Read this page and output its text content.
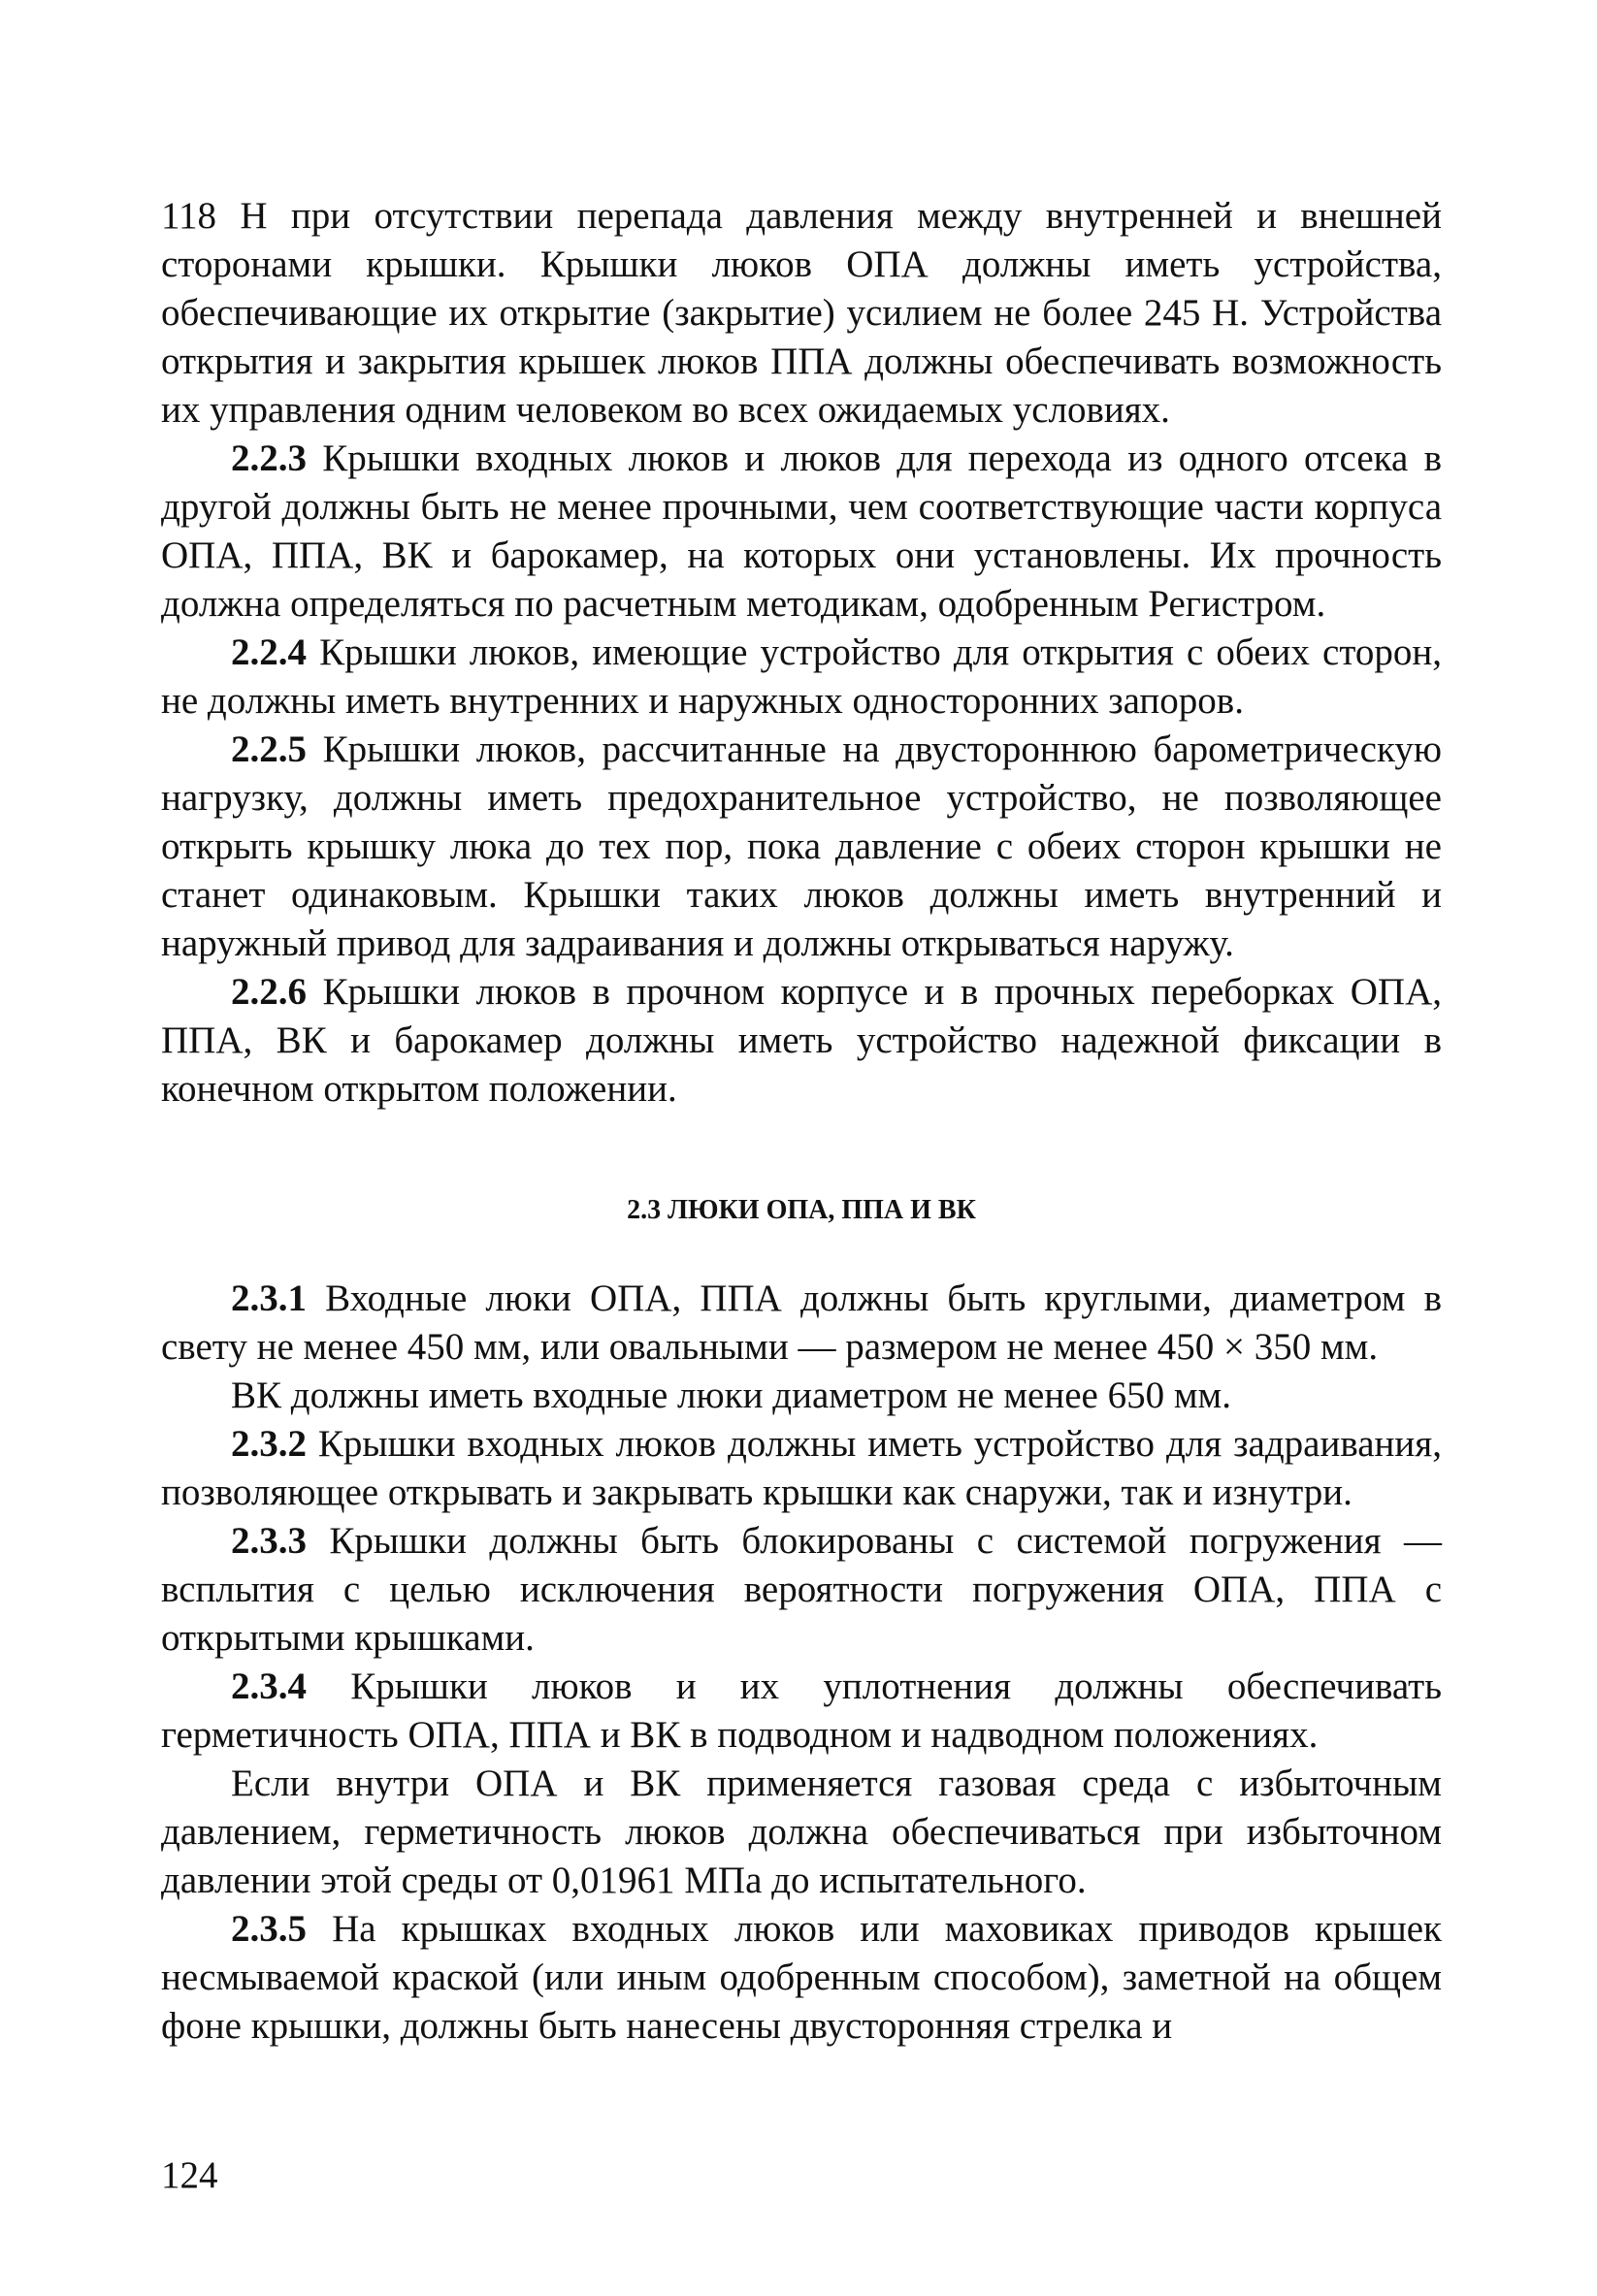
118 Н при отсутствии перепада давления между внутренней и внешней сторонами крышки. Крышки люков ОПА должны иметь устройства, обеспечивающие их открытие (закрытие) усилием не более 245 Н. Устройства открытия и закрытия крышек люков ППА должны обеспечивать возможность их управления одним человеком во всех ожидаемых условиях.

2.2.3 Крышки входных люков и люков для перехода из одного отсека в другой должны быть не менее прочными, чем соответствующие части корпуса ОПА, ППА, ВК и барокамер, на которых они установлены. Их прочность должна определяться по расчетным методикам, одобренным Регистром.

2.2.4 Крышки люков, имеющие устройство для открытия с обеих сторон, не должны иметь внутренних и наружных односторонних запоров.

2.2.5 Крышки люков, рассчитанные на двустороннюю барометрическую нагрузку, должны иметь предохранительное устройство, не позволяющее открыть крышку люка до тех пор, пока давление с обеих сторон крышки не станет одинаковым. Крышки таких люков должны иметь внутренний и наружный привод для задраивания и должны открываться наружу.

2.2.6 Крышки люков в прочном корпусе и в прочных переборках ОПА, ППА, ВК и барокамер должны иметь устройство надежной фиксации в конечном открытом положении.

2.3 ЛЮКИ ОПА, ППА И ВК

2.3.1 Входные люки ОПА, ППА должны быть круглыми, диаметром в свету не менее 450 мм, или овальными — размером не менее 450 × 350 мм.

ВК должны иметь входные люки диаметром не менее 650 мм.

2.3.2 Крышки входных люков должны иметь устройство для задраивания, позволяющее открывать и закрывать крышки как снаружи, так и изнутри.

2.3.3 Крышки должны быть блокированы с системой погружения — всплытия с целью исключения вероятности погружения ОПА, ППА с открытыми крышками.

2.3.4 Крышки люков и их уплотнения должны обеспечивать герметичность ОПА, ППА и ВК в подводном и надводном положениях.

Если внутри ОПА и ВК применяется газовая среда с избыточным давлением, герметичность люков должна обеспечиваться при избыточном давлении этой среды от 0,01961 МПа до испытательного.

2.3.5 На крышках входных люков или маховиках приводов крышек несмываемой краской (или иным одобренным способом), заметной на общем фоне крышки, должны быть нанесены двусторонняя стрелка и

124
